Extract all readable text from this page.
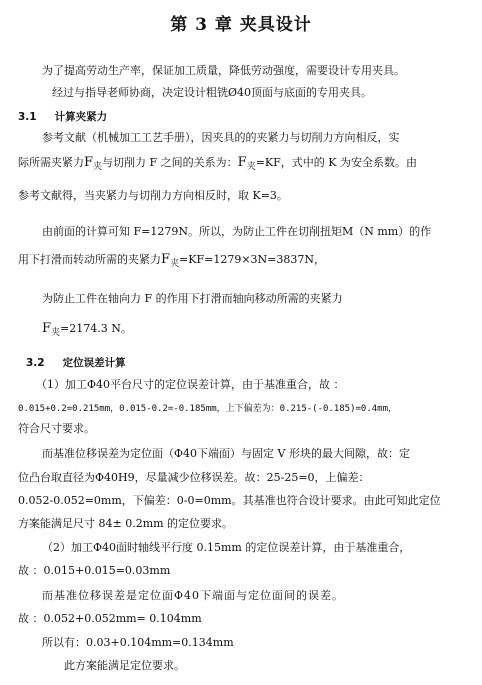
第 3 章 夹具设计
为了提高劳动生产率，保证加工质量，降低劳动强度，需要设计专用夹具。
经过与指导老师协商，决定设计粗铣Ø40顶面与底面的专用夹具。
3.1 计算夹紧力
参考文献（机械加工工艺手册），因夹具的的夹紧力与切削力方向相反，实
际所需夹紧力$F_夹$与切削力 F 之间的关系为：$F_夹=KF$，式中的 K 为安全系数。由
参考文献得，当夹紧力与切削力方向相反时，取 K=3。
由前面的计算可知 F=1279N。所以，为防止工件在切削扭矩M（N mm）的作
用下打滑而转动所需的夹紧力$F_夹=KF=1279\times 3N=3837N$，
为防止工件在轴向力 F 的作用下打滑而轴向移动所需的夹紧力
$F_夹=2174.3$ N。
3.2 定位误差计算
（1）加工Φ40平台尺寸的定位误差计算，由于基准重合，故 ：
0.015+0.2=0.215mm，0.015-0.2=-0.185mm，上下偏差为：0.215-(-0.185)=0.4mm，
符合尺寸要求。
而基准位移误差为定位面（Φ40下端面）与固定 V 形块的最大间隙，故：定
位凸台取直径为Φ40H9，尽量减少位移误差。故：25-25=0，上偏差：
0.052-0.052=0mm，下偏差：0-0=0mm。其基准也符合设计要求。由此可知此定位
方案能满足尺寸 84± 0.2mm 的定位要求。
（2）加工Φ40面时轴线平行度 0.15mm 的定位误差计算，由于基准重合，
故 ：0.015+0.015=0.03mm
而基准位移误差是定位面Φ40下端面与定位面间的误差。
故 ：0.052+0.052mm= 0.104mm
所以有：0.03+0.104mm=0.134mm
此方案能满足定位要求。
